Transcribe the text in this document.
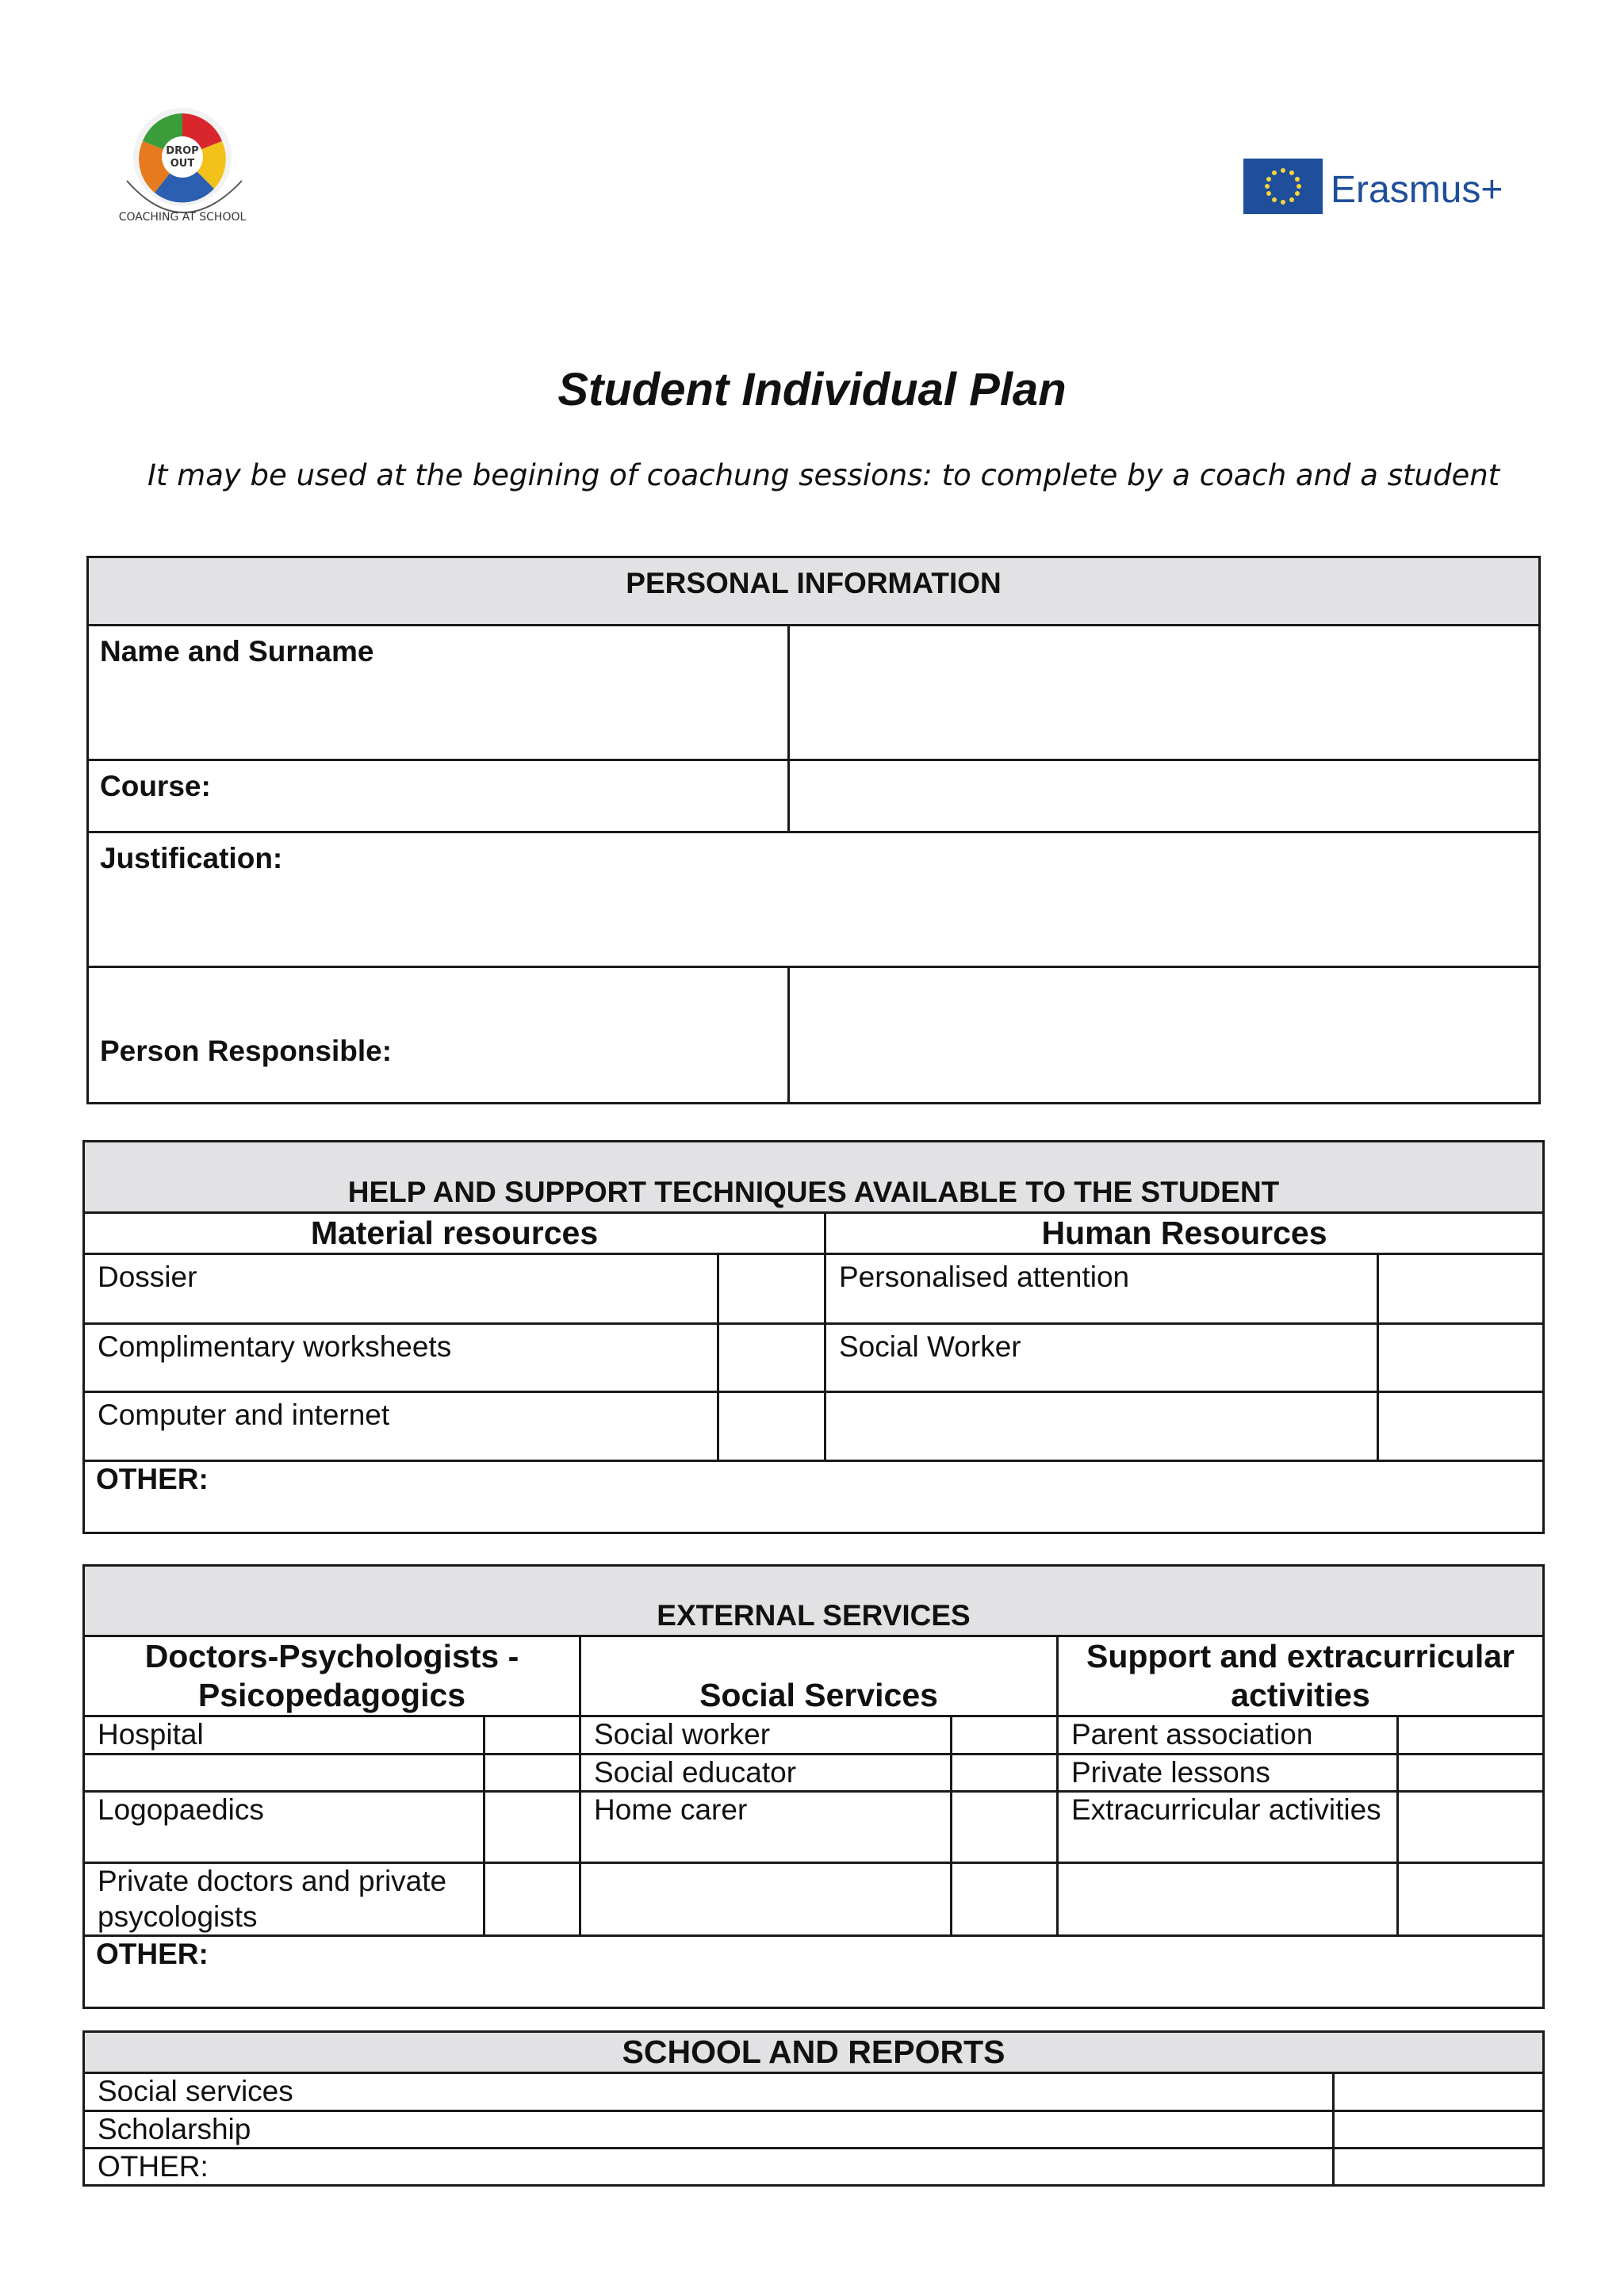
DROP
OUT
COACHING AT SCHOOL
Erasmus+
Student Individual Plan
It may be used at the begining of coachung sessions: to complete by a coach and a student
PERSONAL INFORMATION	
Name and Surname	
Course:	
Justification:	
Person Responsible:	
HELP AND SUPPORT TECHNIQUES AVAILABLE TO THE STUDENT			
Material resources		Human Resources	
Dossier		Personalised attention	
Complimentary worksheets		Social Worker	
Computer and internet			
OTHER:			
EXTERNAL SERVICES					
Doctors-Psychologists - Psicopedagogics		Social Services		Support and extracurricular activities	
Hospital		Social worker		Parent association	
		Social educator		Private lessons	
Logopaedics		Home carer		Extracurricular activities	
Private doctors and private psycologists					
OTHER:					
SCHOOL AND REPORTS	
Social services	
Scholarship	
OTHER:	
